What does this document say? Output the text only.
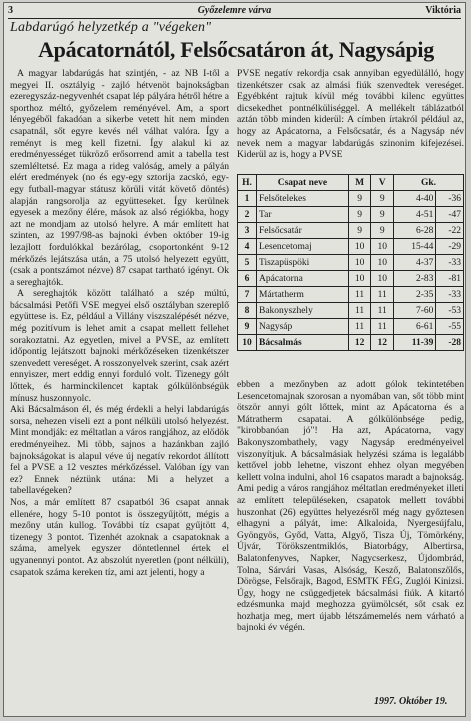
3	Győzelemre várva	Viktória
Labdarúgó helyzetkép a "végeken"
Apácatornától, Felsőcsatáron át, Nagysápig

A magyar labdarúgás hat szintjén, - az NB I-től a megyei II. osztályig - zajló hétvenöt bajnokságban ezeregyszáz-negyvenhét csapat lép pályára hétről hétre a sporthoz méltó, győzelem reményével. Am, a sport lényegéből fakadóan a sikerbe vetett hit nem minden csapatnál, sőt egyre kevés nél válhat valóra. Így a reményt is meg kell fizetni. Így alakul ki az eredményességet tükröző erősorrend amit a tabella test szemléltetsé. Ez maga a rideg valóság, amely a pályán elért eredmények (no és egy-egy sztorija zacskó, egy-egy futball-magyar státusz körüli vitát követő döntés) alapján rangsorolja az együtteseket. Így kerülnek egyesek a mezőny élére, mások az alsó régiókba, hogy azt ne mondjam az utolsó helyre. A már említett hat szinten, az 1997/98-as bajnoki évben október 19-ig lezajlott fordulókkal bezárólag, csoportonként 9-12 mérkőzés lejátszása után, a 75 utolsó helyezett együtt, (csak a pontszámot nézve) 87 csapat tartható igényt. Ok a sereghajtók.

A sereghajtók között található a szép múltú, bácsalmási Petőfi VSE megyei első osztályban szereplő együttese is. Ez, például a Villány viszszalépését nézve, még pozitívum is lehet amit a csapat mellett fellehet sorakoztatni. Az egyetlen, mivel a PVSE, az említett időpontig lejátszott bajnoki mérkőzéseken tizenkétszer szenvedett vereséget. A rosszonyelvek szerint, csak azért ennyiszer, mert eddig ennyi forduló volt. Tizenegy gólt lőttek, és harminckilencet kaptak gólkülönbségük mínusz huszonnyolc.

Aki Bácsalmáson él, és még érdekli a helyi labdarúgás sorsa, nehezen viseli ezt a pont nélküli utolsó helyezést. Mint mondják: ez méltatlan a város rangjához, az elődök eredményeihez. Mi több, sajnos a hazánkban zajló bajnokságokat is alapul véve új negatív rekordot állított fel a PVSE a 12 vesztes mérkőzéssel. Valóban így van ez? Ennek néztünk utána: Mi a helyzet a tabellavégeken?

Nos, a már említett 87 csapatból 36 csapat annak ellenére, hogy 5-10 pontot is összegyűjtött, mégis a mezőny után kullog. További tíz csapat gyűjtött 4, tizenegy 3 pontot. Tizenhét azoknak a csapatoknak a száma, amelyek egyszer döntetlennel értek el ugyanennyi pontot. Az abszolút nyeretlen (pont nélküli), csapatok száma kereken tíz, ami azt jelenti, hogy a

PVSE negatív rekordja csak annyiban egyedülálló, hogy tizenkétszer csak az almási fiúk szenvedtek vereséget. Egyébként rajtuk kívül még további kilenc együttes dicsekedhet pontnélküliséggel. A mellékelt táblázatból aztán több minden kiderül: A címben írtakról például az, hogy az Apácatorna, a Felsőcsatár, és a Nagysáp név nevek nem a magyar labdarúgás szinonim kifejezései. Kiderül az is, hogy a PVSE

H.	Csapat neve	M	V	Gk.	
1	Felsőtelekes	9	9	4-40	-36
2	Tar	9	9	4-51	-47
3	Felsőcsatár	9	9	6-28	-22
4	Lesencetomaj	10	10	15-44	-29
5	Tiszapüspöki	10	10	4-37	-33
6	Apácatorna	10	10	2-83	-81
7	Mártatherm	11	11	2-35	-33
8	Bakonyszhely	11	11	7-60	-53
9	Nagysáp	11	11	6-61	-55
10	Bácsalmás	12	12	11-39	-28

ebben a mezőnyben az adott gólok tekintetében Lesencetomajnak szorosan a nyomában van, sőt több mint ötször annyi gólt lőttek, mint az Apácatorna és a Mátratherm csapatai. A gólkülönbsége pedig, "kirobbanóan jó"! Ha azt, Apácatorna, vagy Bakonyszombathely, vagy Nagysáp eredményeivel viszonyítjuk. A bácsalmásiak helyzési száma is legalább kettővel jobb lehetne, viszont ehhez olyan megyében kellett volna indulni, ahol 16 csapatos maradt a bajnokság. Ami pedig a város rangjához méltatlan eredményeket illeti az említett településeken, csapatok mellett további huszonhat (26) együttes helyezésről még nagy győztesen elhagyni a pályát, ime: Alkaloida, Nyergesújfalu, Gyöngyös, Győd, Vatta, Algyő, Tisza Új, Tömörkény, Újvár, Törökszentmiklós, Biatorbágy, Albertirsa, Balatonfenyves, Napker, Nagycserkesz, Újdombrád, Tolna, Sárvári Vasas, Alsóság, Kesző, Balatonszőlős, Dörögse, Felsőrajk, Bagod, ESMTK FÉG, Zuglói Kinizsi. Úgy, hogy ne csüggedjetek bácsalmási fiúk. A kitartó edzésmunka majd meghozza gyümölcsét, sőt csak ez hozhatja meg, mert újabb létszámemelés nem várható a bajnoki év végén.

1997. Október 19.
